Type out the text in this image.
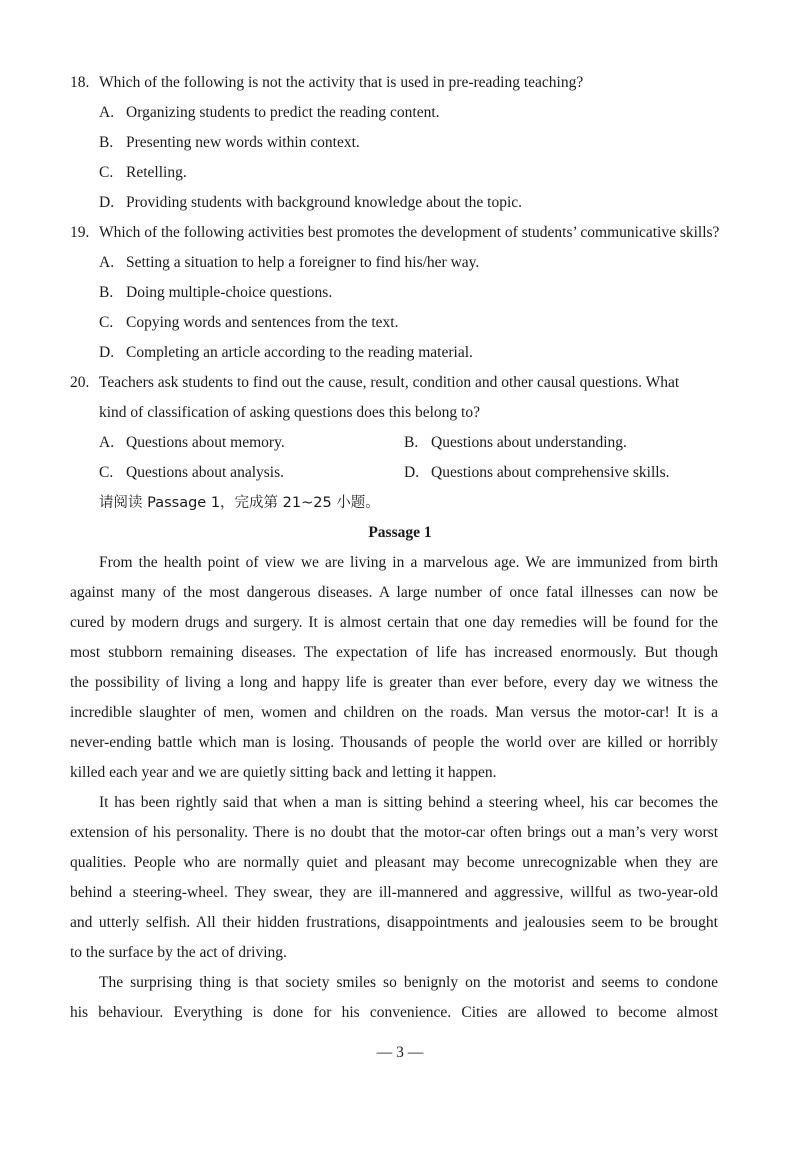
18. Which of the following is not the activity that is used in pre-reading teaching?
A. Organizing students to predict the reading content.
B. Presenting new words within context.
C. Retelling.
D. Providing students with background knowledge about the topic.
19. Which of the following activities best promotes the development of students’ communicative skills?
A. Setting a situation to help a foreigner to find his/her way.
B. Doing multiple-choice questions.
C. Copying words and sentences from the text.
D. Completing an article according to the reading material.
20. Teachers ask students to find out the cause, result, condition and other causal questions. What
kind of classification of asking questions does this belong to?
A. Questions about memory.	B. Questions about understanding.
C. Questions about analysis.	D. Questions about comprehensive skills.
请阅读 Passage 1，完成第 21~25 小题。
Passage 1
From the health point of view we are living in a marvelous age. We are immunized from birth
against many of the most dangerous diseases. A large number of once fatal illnesses can now be
cured by modern drugs and surgery. It is almost certain that one day remedies will be found for the
most stubborn remaining diseases. The expectation of life has increased enormously. But though
the possibility of living a long and happy life is greater than ever before, every day we witness the
incredible slaughter of men, women and children on the roads. Man versus the motor-car! It is a
never-ending battle which man is losing. Thousands of people the world over are killed or horribly
killed each year and we are quietly sitting back and letting it happen.
It has been rightly said that when a man is sitting behind a steering wheel, his car becomes the
extension of his personality. There is no doubt that the motor-car often brings out a man’s very worst
qualities. People who are normally quiet and pleasant may become unrecognizable when they are
behind a steering-wheel. They swear, they are ill-mannered and aggressive, willful as two-year-old
and utterly selfish. All their hidden frustrations, disappointments and jealousies seem to be brought
to the surface by the act of driving.
The surprising thing is that society smiles so benignly on the motorist and seems to condone
his behaviour. Everything is done for his convenience. Cities are allowed to become almost
— 3 —
